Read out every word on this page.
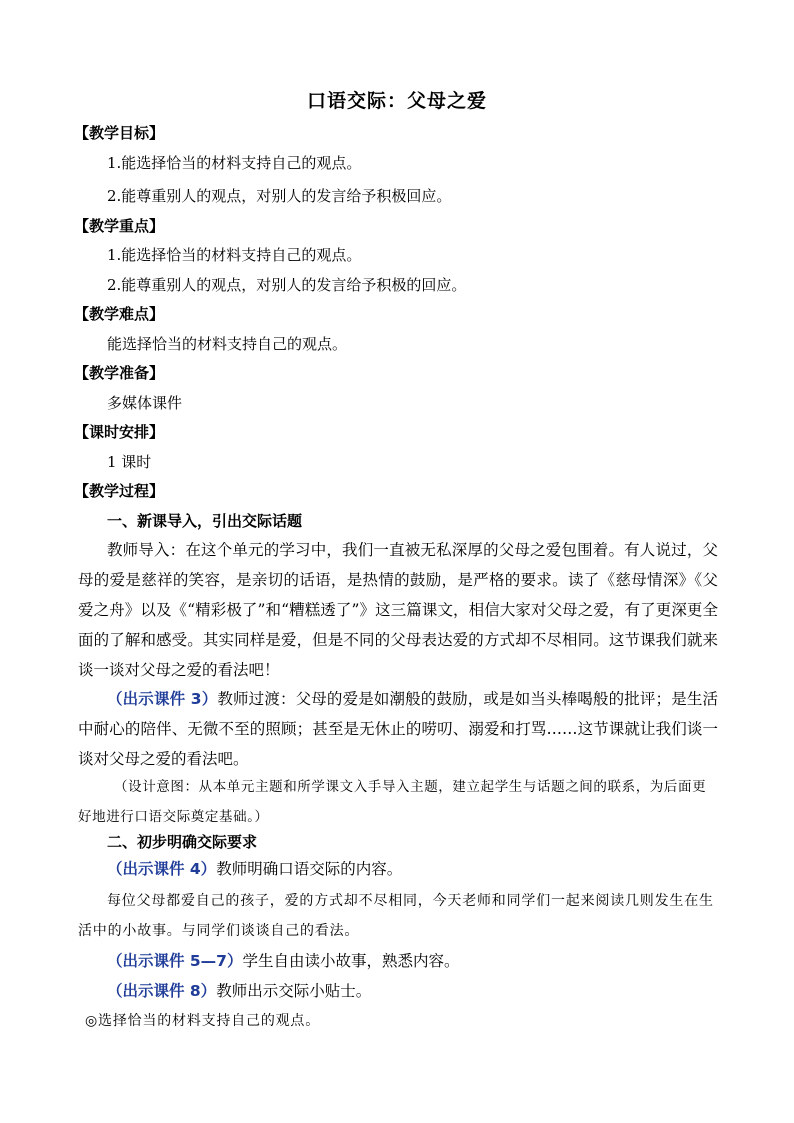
口语交际：父母之爱
【教学目标】
1.能选择恰当的材料支持自己的观点。
2.能尊重别人的观点，对别人的发言给予积极回应。
【教学重点】
1.能选择恰当的材料支持自己的观点。
2.能尊重别人的观点，对别人的发言给予积极的回应。
【教学难点】
能选择恰当的材料支持自己的观点。
【教学准备】
多媒体课件
【课时安排】
1 课时
【教学过程】
一、新课导入，引出交际话题
教师导入：在这个单元的学习中，我们一直被无私深厚的父母之爱包围着。有人说过，父母的爱是慈祥的笑容，是亲切的话语，是热情的鼓励，是严格的要求。读了《慈母情深》《父爱之舟》以及《“精彩极了”和“糟糕透了”》这三篇课文，相信大家对父母之爱，有了更深更全面的了解和感受。其实同样是爱，但是不同的父母表达爱的方式却不尽相同。这节课我们就来谈一谈对父母之爱的看法吧！
（出示课件 3）教师过渡：父母的爱是如潮般的鼓励，或是如当头棒喝般的批评；是生活中耐心的陪伴、无微不至的照顾；甚至是无休止的唠叨、溺爱和打骂……这节课就让我们谈一谈对父母之爱的看法吧。
（设计意图：从本单元主题和所学课文入手导入主题，建立起学生与话题之间的联系，为后面更好地进行口语交际奠定基础。）
二、初步明确交际要求
（出示课件 4）教师明确口语交际的内容。
每位父母都爱自己的孩子，爱的方式却不尽相同，今天老师和同学们一起来阅读几则发生在生活中的小故事。与同学们谈谈自己的看法。
（出示课件 5—7）学生自由读小故事，熟悉内容。
（出示课件 8）教师出示交际小贴士。
◎选择恰当的材料支持自己的观点。
